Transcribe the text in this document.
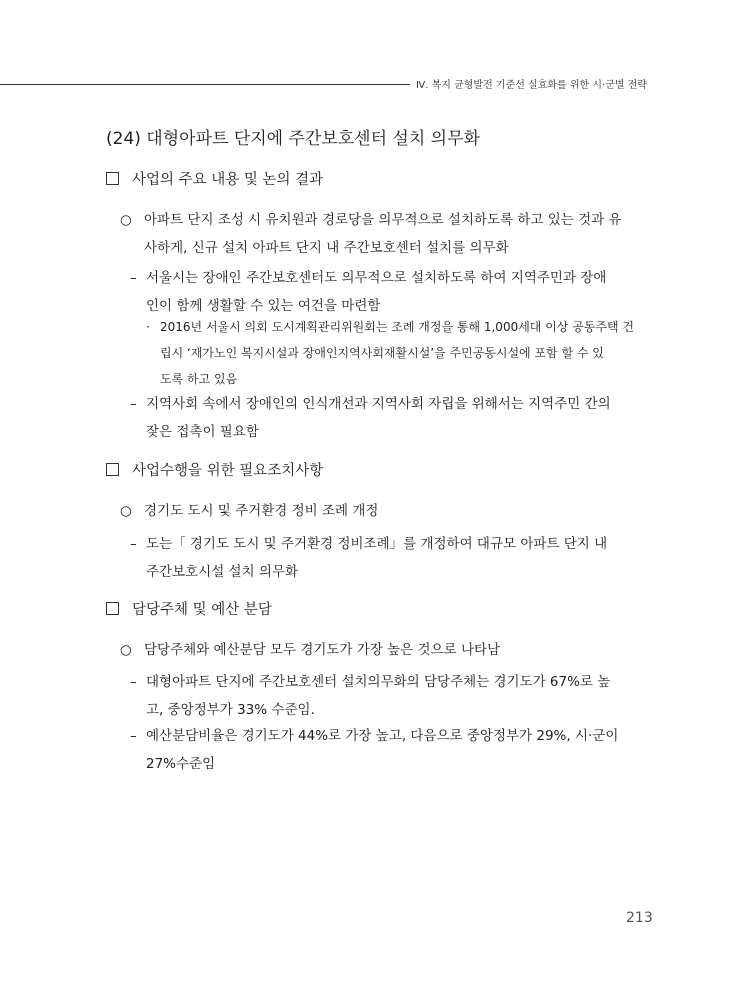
Ⅳ. 복지 균형발전 기준선 실효화를 위한 시·군별 전략
(24) 대형아파트 단지에 주간보호센터 설치 의무화
사업의 주요 내용 및 논의 결과
○ 아파트 단지 조성 시 유치원과 경로당을 의무적으로 설치하도록 하고 있는 것과 유
사하게, 신규 설치 아파트 단지 내 주간보호센터 설치를 의무화
– 서울시는 장애인 주간보호센터도 의무적으로 설치하도록 하여 지역주민과 장애
인이 함께 생활할 수 있는 여건을 마련함
· 2016년 서울시 의회 도시계획관리위원회는 조례 개정을 통해 1,000세대 이상 공동주택 건
립시 ‘재가노인 복지시설과 장애인지역사회재활시설’을 주민공동시설에 포함 할 수 있
도록 하고 있음
– 지역사회 속에서 장애인의 인식개선과 지역사회 자립을 위해서는 지역주민 간의
잦은 접촉이 필요함
사업수행을 위한 필요조치사항
○ 경기도 도시 및 주거환경 정비 조례 개정
– 도는「 경기도 도시 및 주거환경 정비조례」를 개정하여 대규모 아파트 단지 내
주간보호시설 설치 의무화
담당주체 및 예산 분담
○ 담당주체와 예산분담 모두 경기도가 가장 높은 것으로 나타남
– 대형아파트 단지에 주간보호센터 설치의무화의 담당주체는 경기도가 67%로 높
고, 중앙정부가 33% 수준임.
– 예산분담비율은 경기도가 44%로 가장 높고, 다음으로 중앙정부가 29%, 시·군이
27%수준임
213
